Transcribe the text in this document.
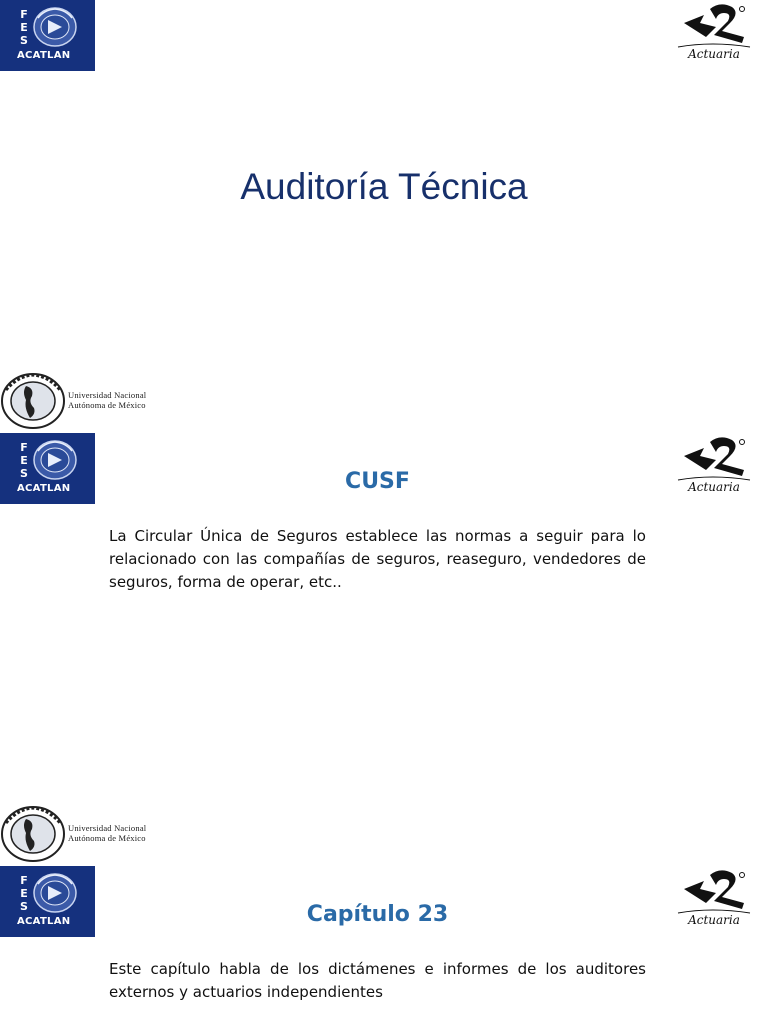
F
E
S
ACATLAN	Actuaria
Auditoría Técnica
Universidad Nacional
Autónoma de México
F
E
S
ACATLAN	Actuaria
CUSF
La Circular Única de Seguros establece las normas a seguir para lo relacionado con las compañías de seguros, reaseguro, vendedores de seguros, forma de operar, etc..
Universidad Nacional
Autónoma de México
F
E
S
ACATLAN	Actuaria
Capítulo 23
Este capítulo habla de los dictámenes e informes de los auditores externos y actuarios independientes
